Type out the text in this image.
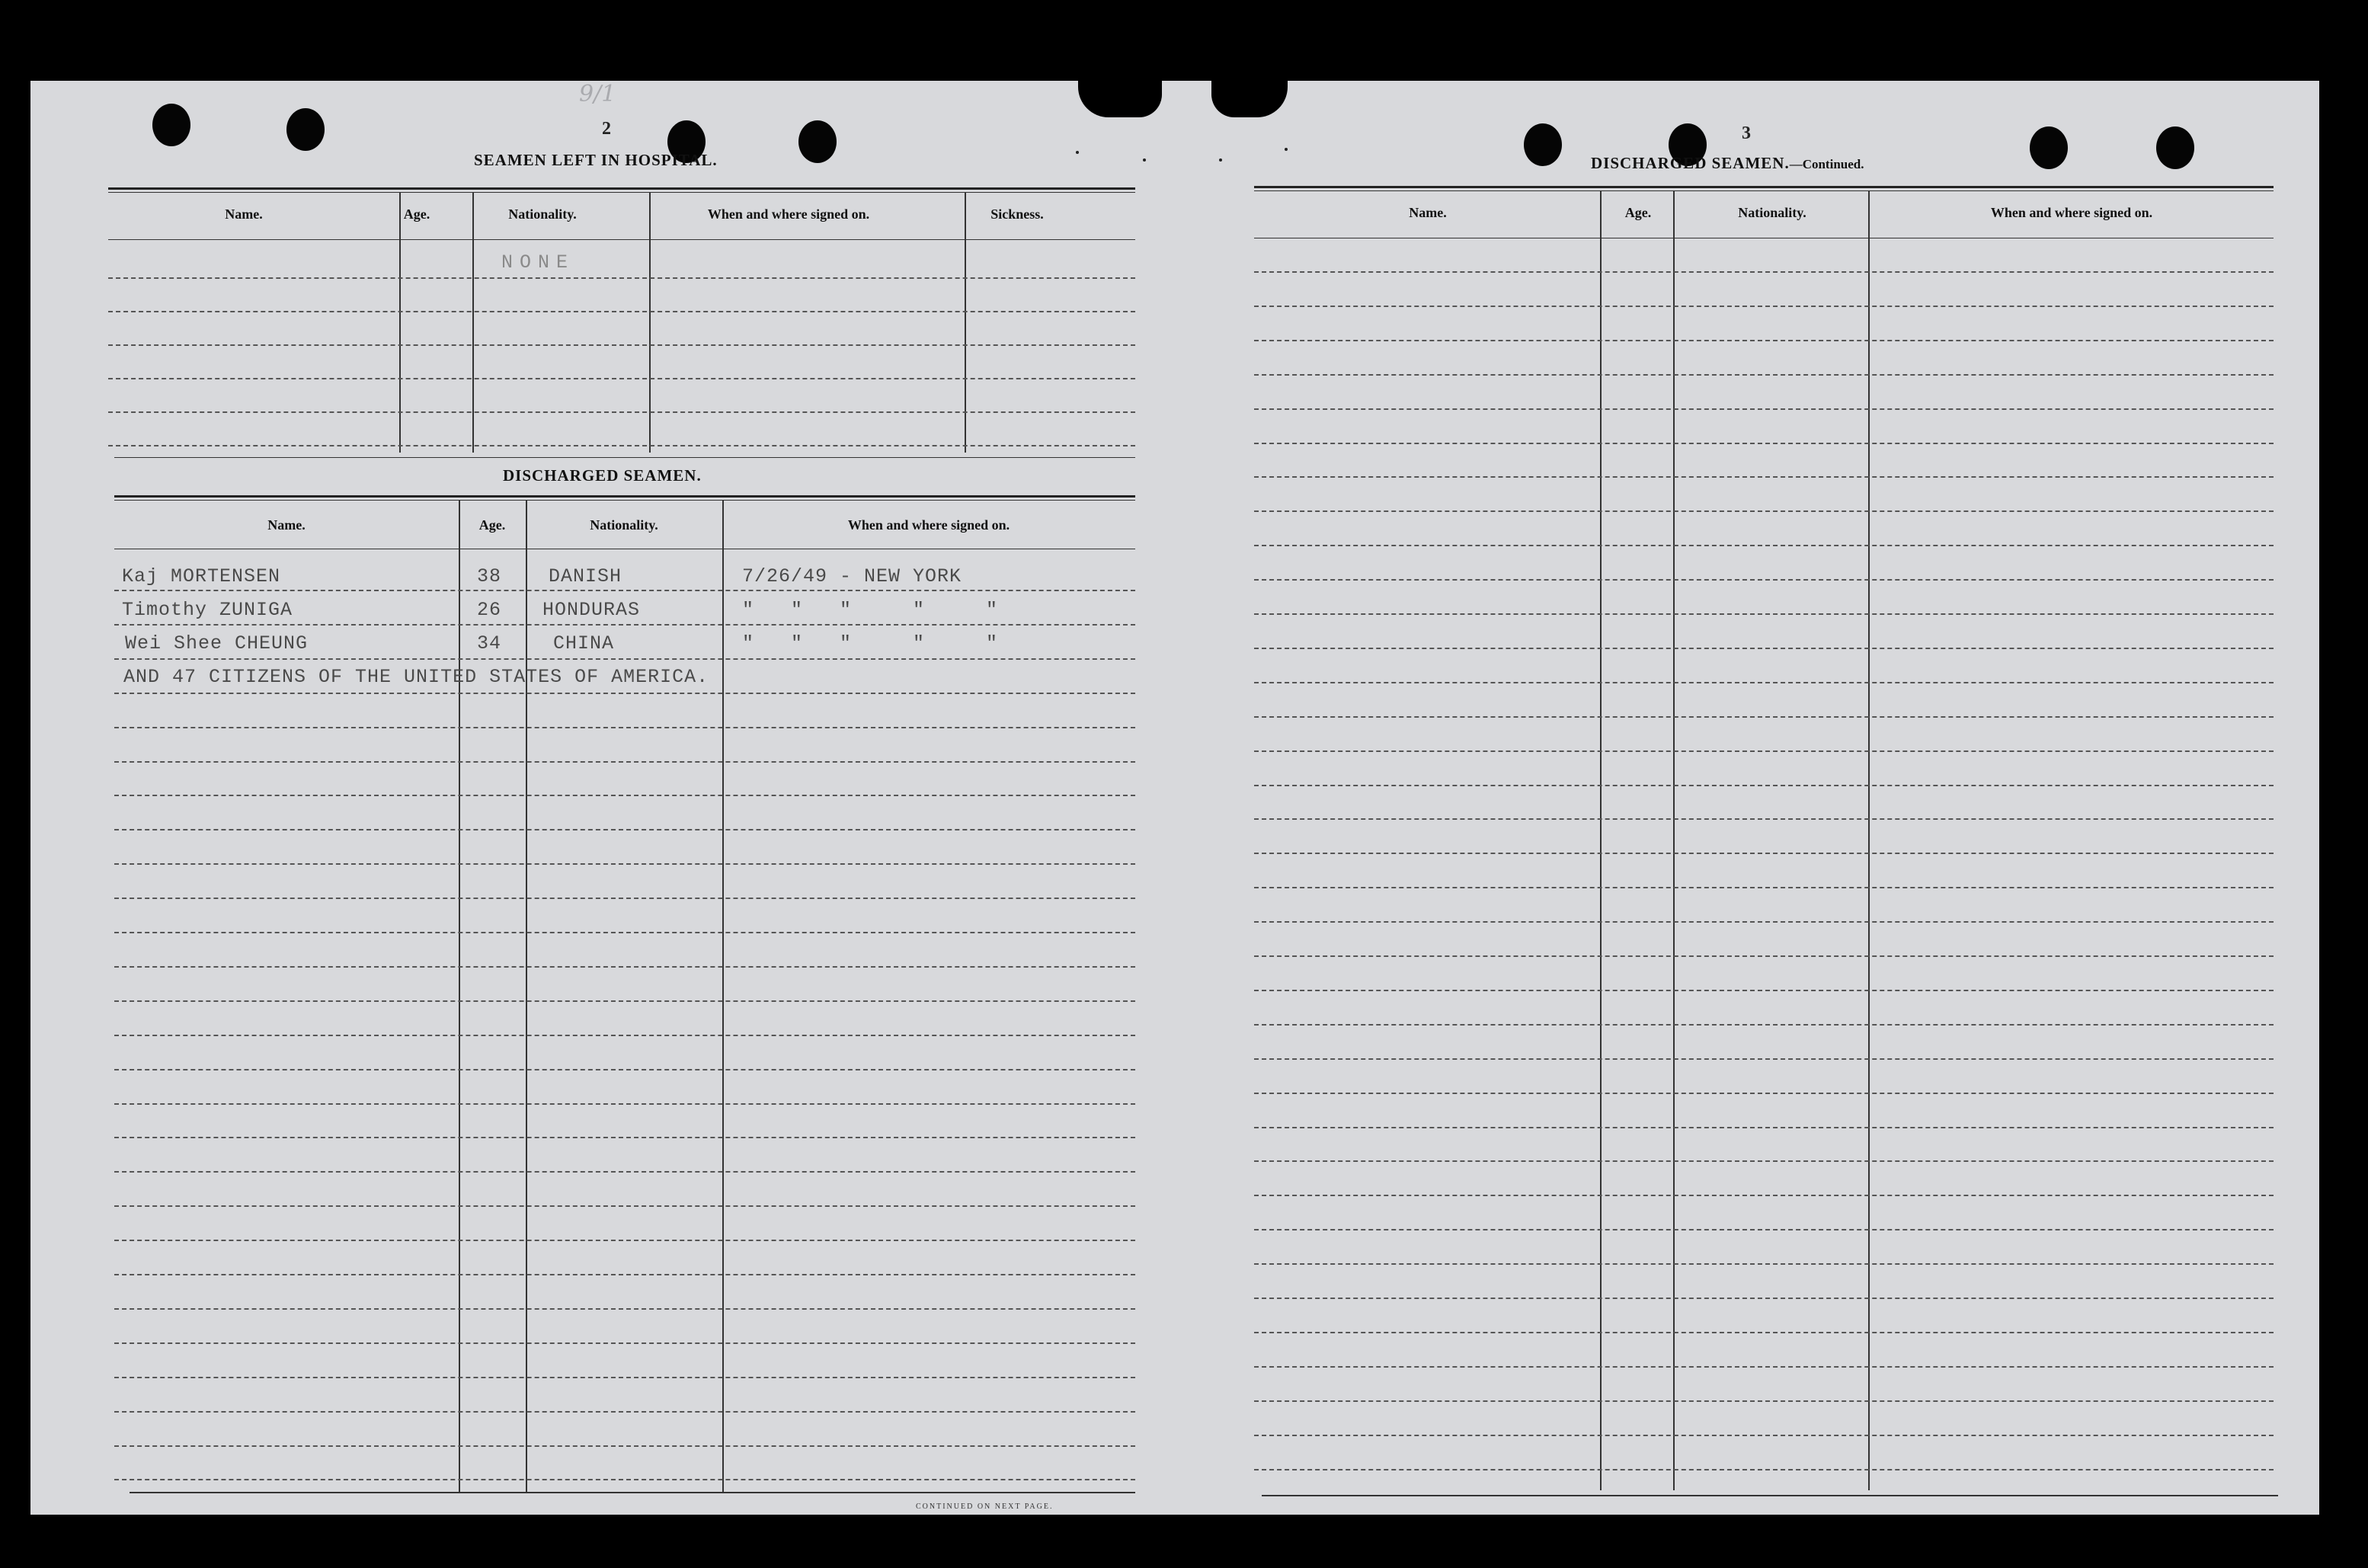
9/1
2
SEAMEN LEFT IN HOSPITAL.
Name.	Age.	Nationality.	When and where signed on.	Sickness.
NONE
DISCHARGED SEAMEN.
Name.	Age.	Nationality.	When and where signed on.
Kaj MORTENSEN	38 DANISH	7/26/49 - NEW YORK
Timothy ZUNIGA	26 HONDURAS	"   "   "     "     "
Wei Shee CHEUNG	34	CHINA	"   "   "     "     "
AND 47 CITIZENS OF THE UNITED STATES OF AMERICA.
CONTINUED ON NEXT PAGE.
3
DISCHARGED SEAMEN.—Continued.
Name.	Age.	Nationality.	When and where signed on.
